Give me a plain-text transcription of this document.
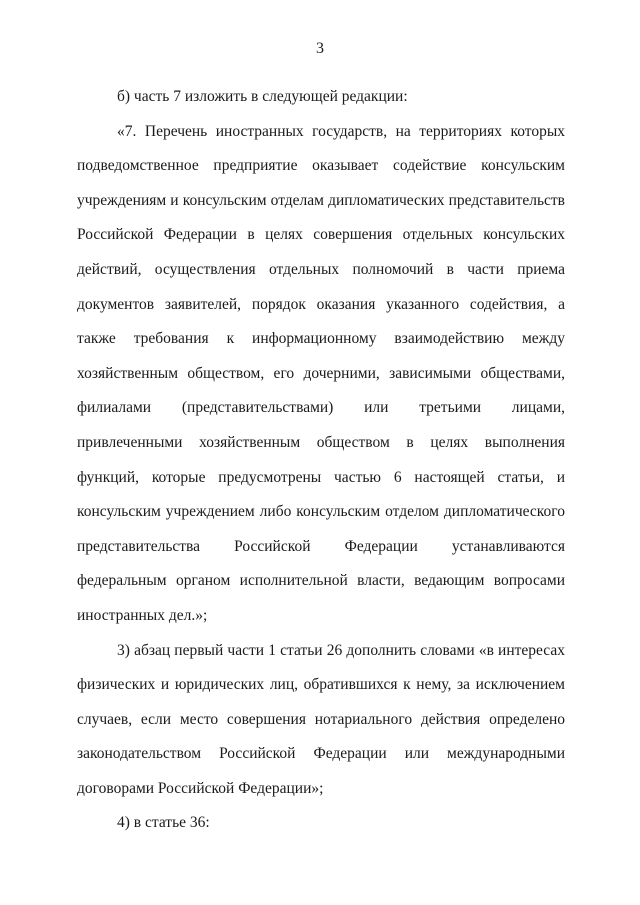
3

б) часть 7 изложить в следующей редакции:

«7. Перечень иностранных государств, на территориях которых подведомственное предприятие оказывает содействие консульским учреждениям и консульским отделам дипломатических представительств Российской Федерации в целях совершения отдельных консульских действий, осуществления отдельных полномочий в части приема документов заявителей, порядок оказания указанного содействия, а также требования к информационному взаимодействию между хозяйственным обществом, его дочерними, зависимыми обществами, филиалами (представительствами) или третьими лицами, привлеченными хозяйственным обществом в целях выполнения функций, которые предусмотрены частью 6 настоящей статьи, и консульским учреждением либо консульским отделом дипломатического представительства Российской Федерации устанавливаются федеральным органом исполнительной власти, ведающим вопросами иностранных дел.»;

3) абзац первый части 1 статьи 26 дополнить словами «в интересах физических и юридических лиц, обратившихся к нему, за исключением случаев, если место совершения нотариального действия определено законодательством Российской Федерации или международными договорами Российской Федерации»;

4) в статье 36:
